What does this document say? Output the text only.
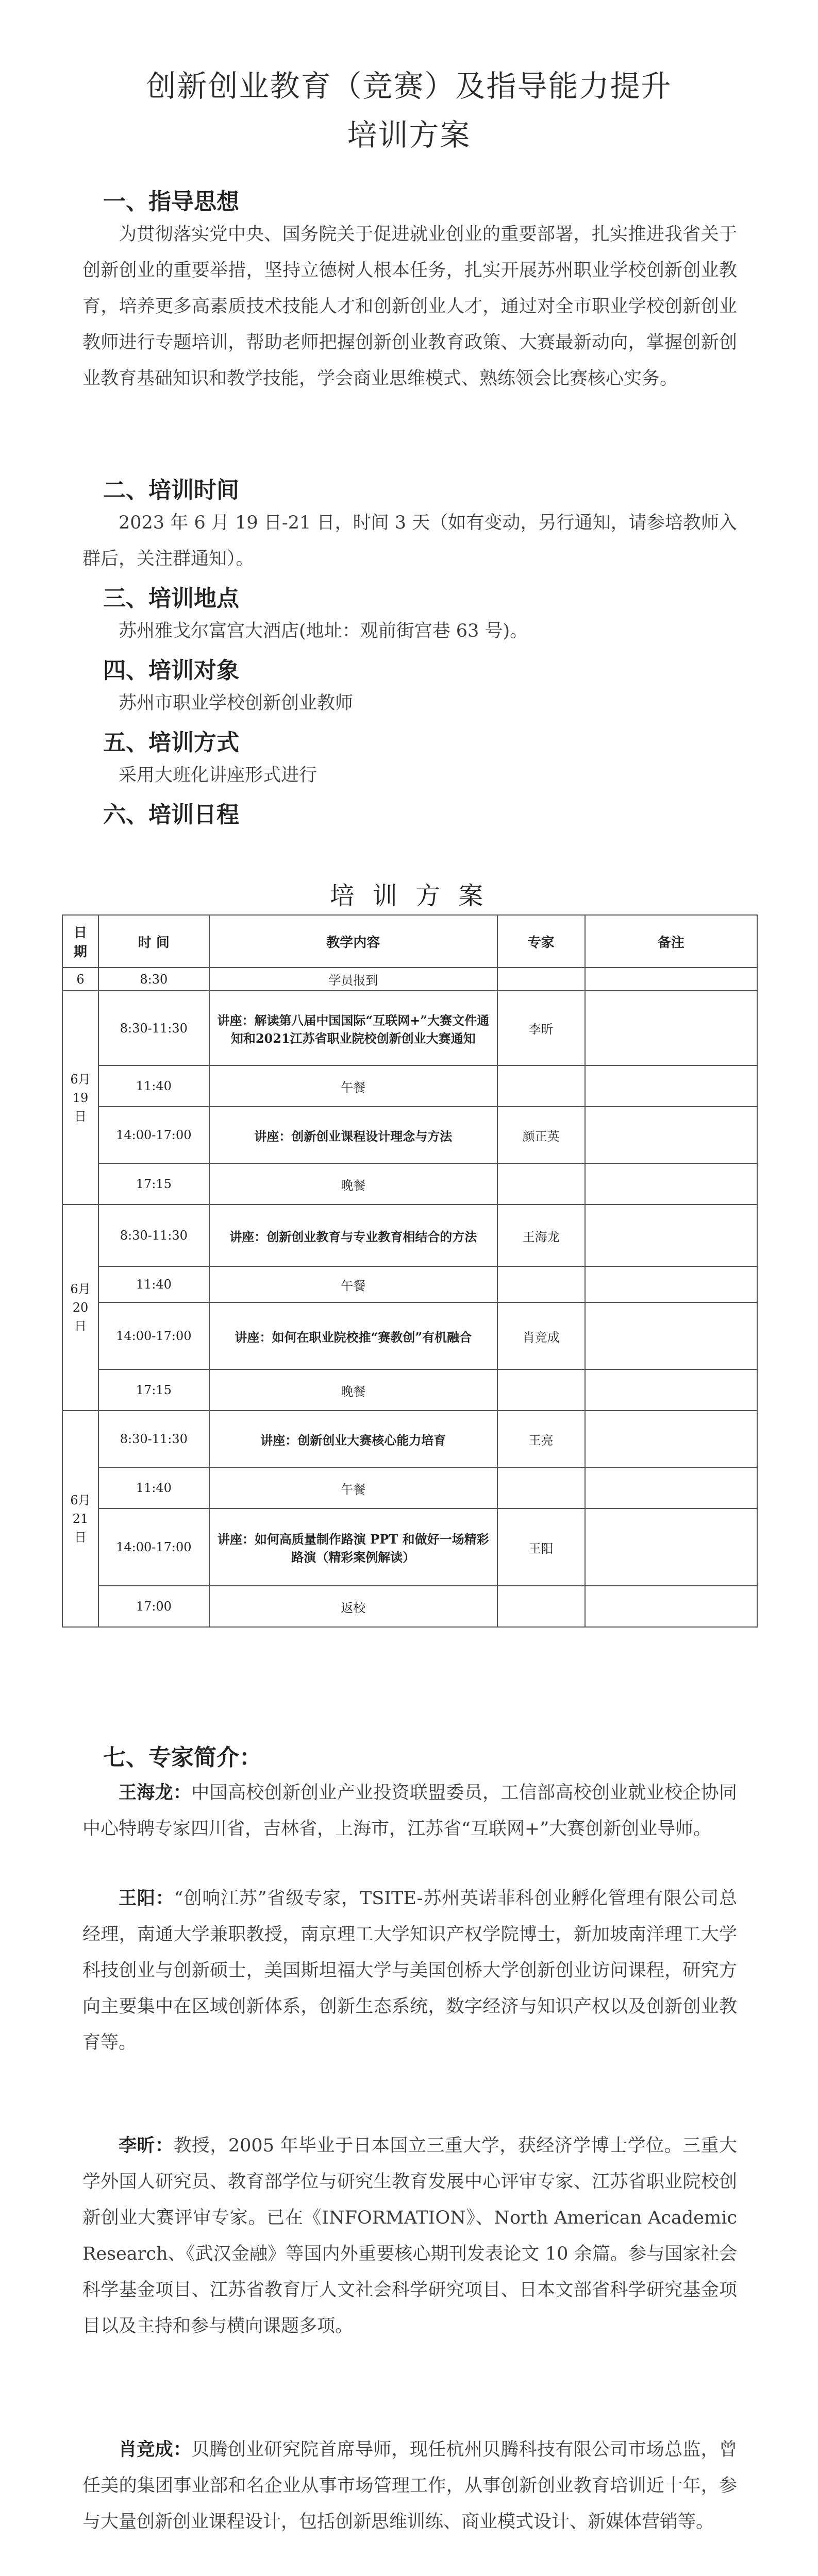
创新创业教育（竞赛）及指导能力提升
培训方案
一、指导思想
为贯彻落实党中央、国务院关于促进就业创业的重要部署，扎实推进我省关于创新创业的重要举措，坚持立德树人根本任务，扎实开展苏州职业学校创新创业教育，培养更多高素质技术技能人才和创新创业人才，通过对全市职业学校创新创业教师进行专题培训，帮助老师把握创新创业教育政策、大赛最新动向，掌握创新创业教育基础知识和教学技能，学会商业思维模式、熟练领会比赛核心实务。
二、培训时间
2023 年 6 月 19 日-21 日，时间 3 天（如有变动，另行通知，请参培教师入群后，关注群通知）。
三、培训地点
苏州雅戈尔富宫大酒店(地址：观前街宫巷 63 号)。
四、培训对象
苏州市职业学校创新创业教师
五、培训方式
采用大班化讲座形式进行
六、培训日程
培 训 方 案
日期	时 间	教学内容	专家	备注
6	8:30	学员报到		
6月19日	8:30-11:30	讲座：解读第八届中国国际“互联网+”大赛文件通知和2021江苏省职业院校创新创业大赛通知	李昕	
	11:40	午餐		
	14:00-17:00	讲座：创新创业课程设计理念与方法	颜正英	
	17:15	晚餐		
6月20日	8:30-11:30	讲座：创新创业教育与专业教育相结合的方法	王海龙	
	11:40	午餐		
	14:00-17:00	讲座：如何在职业院校推“赛教创”有机融合	肖竞成	
	17:15	晚餐		
6月21日	8:30-11:30	讲座：创新创业大赛核心能力培育	王亮	
	11:40	午餐		
	14:00-17:00	讲座：如何高质量制作路演 PPT 和做好一场精彩路演（精彩案例解读）	王阳	
	17:00	返校		
七、专家简介：
王海龙：中国高校创新创业产业投资联盟委员，工信部高校创业就业校企协同中心特聘专家四川省，吉林省，上海市，江苏省“互联网+”大赛创新创业导师。
王阳：“创响江苏”省级专家，TSITE-苏州英诺菲科创业孵化管理有限公司总经理，南通大学兼职教授，南京理工大学知识产权学院博士，新加坡南洋理工大学科技创业与创新硕士，美国斯坦福大学与美国创桥大学创新创业访问课程，研究方向主要集中在区域创新体系，创新生态系统，数字经济与知识产权以及创新创业教育等。
李昕：教授，2005 年毕业于日本国立三重大学，获经济学博士学位。三重大学外国人研究员、教育部学位与研究生教育发展中心评审专家、江苏省职业院校创新创业大赛评审专家。已在《INFORMATION》、North American Academic Research、《武汉金融》等国内外重要核心期刊发表论文 10 余篇。参与国家社会科学基金项目、江苏省教育厅人文社会科学研究项目、日本文部省科学研究基金项目以及主持和参与横向课题多项。
肖竞成：贝腾创业研究院首席导师，现任杭州贝腾科技有限公司市场总监，曾任美的集团事业部和名企业从事市场管理工作，从事创新创业教育培训近十年，参与大量创新创业课程设计，包括创新思维训练、商业模式设计、新媒体营销等。
